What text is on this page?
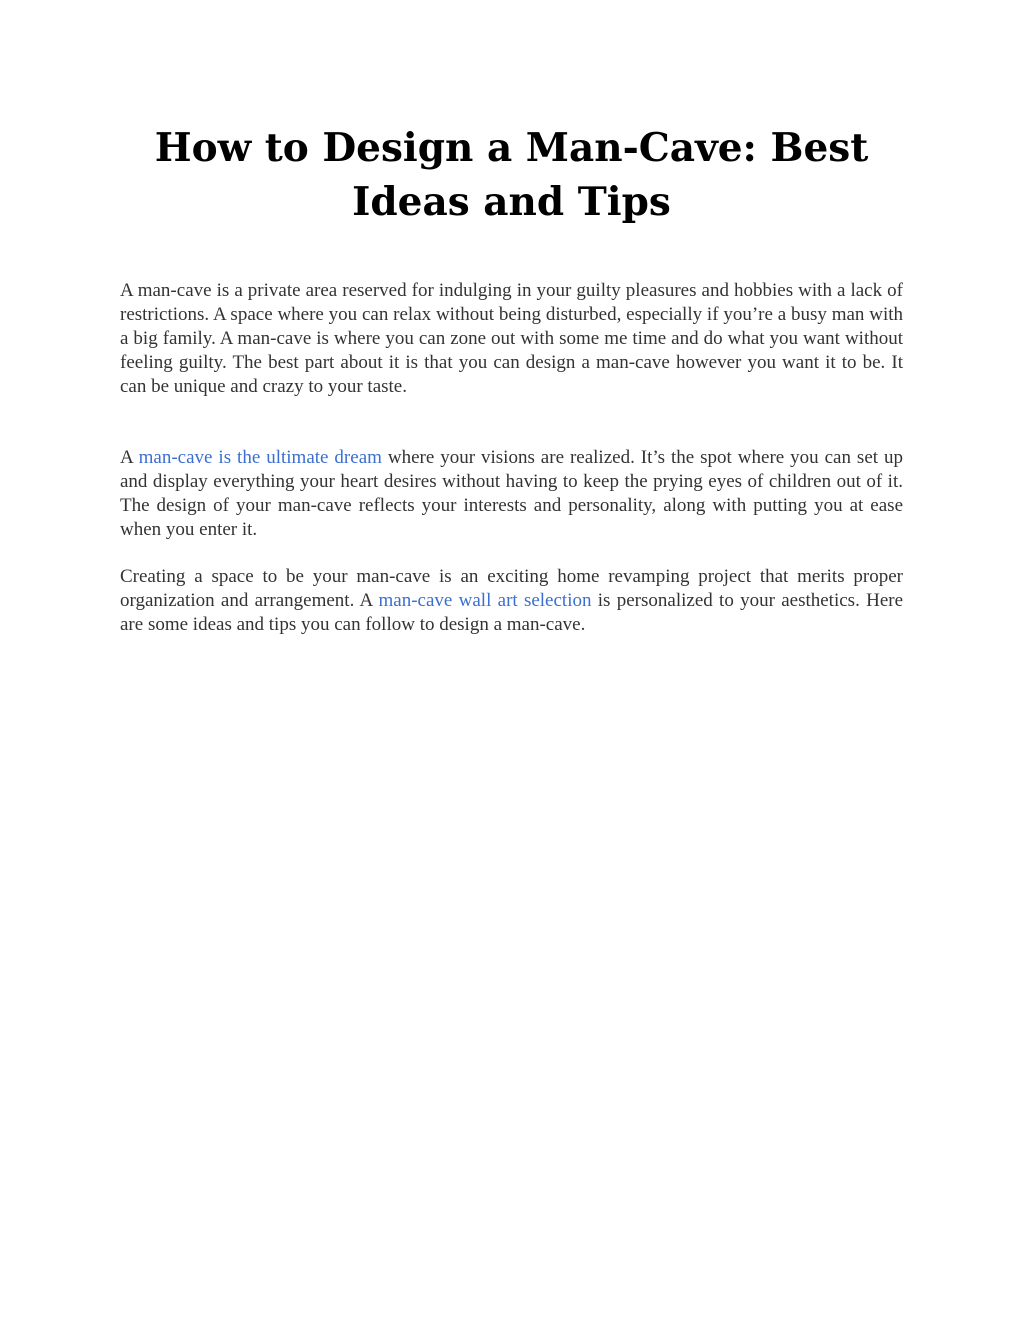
How to Design a Man-Cave: Best Ideas and Tips

A man-cave is a private area reserved for indulging in your guilty pleasures and hobbies with a lack of restrictions. A space where you can relax without being disturbed, especially if you’re a busy man with a big family. A man-cave is where you can zone out with some me time and do what you want without feeling guilty. The best part about it is that you can design a man-cave however you want it to be. It can be unique and crazy to your taste.

A man-cave is the ultimate dream where your visions are realized. It’s the spot where you can set up and display everything your heart desires without having to keep the prying eyes of children out of it. The design of your man-cave reflects your interests and personality, along with putting you at ease when you enter it.

Creating a space to be your man-cave is an exciting home revamping project that merits proper organization and arrangement. A man-cave wall art selection is personalized to your aesthetics. Here are some ideas and tips you can follow to design a man-cave.
